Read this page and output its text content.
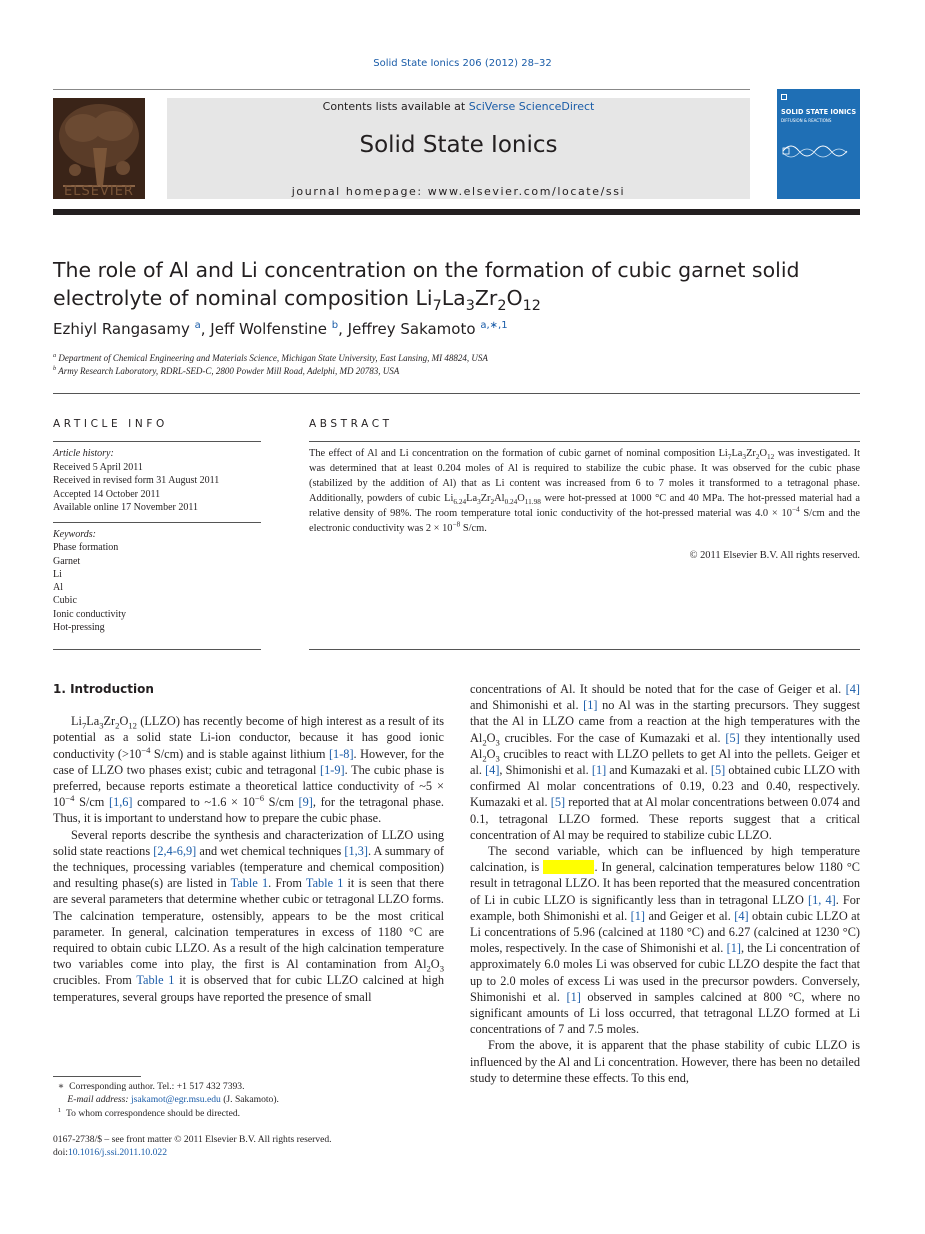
Solid State Ionics 206 (2012) 28–32
ELSEVIER
Contents lists available at SciVerse ScienceDirect
Solid State Ionics
journal homepage: www.elsevier.com/locate/ssi
SOLID STATE IONICS
DIFFUSION & REACTIONS
The role of Al and Li concentration on the formation of cubic garnet solid electrolyte of nominal composition $Li_7La_3Zr_2O_{12}$
Ezhiyl Rangasamy $^a$, Jeff Wolfenstine $^b$, Jeffrey Sakamoto $^{a,∗,1}$
$^a$ Department of Chemical Engineering and Materials Science, Michigan State University, East Lansing, MI 48824, USA
$^b$ Army Research Laboratory, RDRL-SED-C, 2800 Powder Mill Road, Adelphi, MD 20783, USA
ARTICLE INFO	ABSTRACT
Article history:
Received 5 April 2011
Received in revised form 31 August 2011
Accepted 14 October 2011
Available online 17 November 2011
Keywords:
Phase formation
Garnet
Li
Al
Cubic
Ionic conductivity
Hot-pressing
The effect of Al and Li concentration on the formation of cubic garnet of nominal composition $Li_7La_3Zr_2O_{12}$ was investigated. It was determined that at least 0.204 moles of Al is required to stabilize the cubic phase. It was observed for the cubic phase (stabilized by the addition of Al) that as Li content was increased from 6 to 7 moles it transformed to a tetragonal phase. Additionally, powders of cubic $Li_{6.24}La_3Zr_2Al_{0.24}O_{11.98}$ were hot-pressed at 1000 °C and 40 MPa. The hot-pressed material had a relative density of 98%. The room temperature total ionic conductivity of the hot-pressed material was $4.0 \times 10^{-4}$ S/cm and the electronic conductivity was $2 \times 10^{-8}$ S/cm.
© 2011 Elsevier B.V. All rights reserved.
1. Introduction

$Li_7La_3Zr_2O_{12}$ (LLZO) has recently become of high interest as a result of its potential as a solid state Li-ion conductor, because it has good ionic conductivity ($>10^{-4}$ S/cm) and is stable against lithium [1-8]. However, for the case of LLZO two phases exist; cubic and tetragonal [1-9]. The cubic phase is preferred, because reports estimate a theoretical lattice conductivity of ~5 × $10^{-4}$ S/cm [1,6] compared to ~1.6 × $10^{-6}$ S/cm [9], for the tetragonal phase. Thus, it is important to understand how to prepare the cubic phase.

Several reports describe the synthesis and characterization of LLZO using solid state reactions [2,4-6,9] and wet chemical techniques [1,3]. A summary of the techniques, processing variables (temperature and chemical composition) and resulting phase(s) are listed in Table 1. From Table 1 it is seen that there are several parameters that determine whether cubic or tetragonal LLZO forms. The calcination temperature, ostensibly, appears to be the most critical parameter. In general, calcination temperatures in excess of 1180 °C are required to obtain cubic LLZO. As a result of the high calcination temperature two variables come into play, the first is Al contamination from $Al_2O_3$ crucibles. From Table 1 it is observed that for cubic LLZO calcined at high temperatures, several groups have reported the presence of small

concentrations of Al. It should be noted that for the case of Geiger et al. [4] and Shimonishi et al. [1] no Al was in the starting precursors. They suggest that the Al in LLZO came from a reaction at the high temperatures with the $Al_2O_3$ crucibles. For the case of Kumazaki et al. [5] they intentionally used $Al_2O_3$ crucibles to react with LLZO pellets to get Al into the pellets. Geiger et al. [4], Shimonishi et al. [1] and Kumazaki et al. [5] obtained cubic LLZO with confirmed Al molar concentrations of 0.19, 0.23 and 0.40, respectively. Kumazaki et al. [5] reported that at Al molar concentrations between 0.074 and 0.1, tetragonal LLZO formed. These reports suggest that a critical concentration of Al may be required to stabilize cubic LLZO.

The second variable, which can be influenced by high temperature calcination, is Li content. In general, calcination temperatures below 1180 °C result in tetragonal LLZO. It has been reported that the measured concentration of Li in cubic LLZO is significantly less than in tetragonal LLZO [1, 4]. For example, both Shimonishi et al. [1] and Geiger et al. [4] obtain cubic LLZO at Li concentrations of 5.96 (calcined at 1180 °C) and 6.27 (calcined at 1230 °C) moles, respectively. In the case of Shimonishi et al. [1], the Li concentration of approximately 6.0 moles Li was observed for cubic LLZO despite the fact that up to 2.0 moles of excess Li was used in the precursor powders. Conversely, Shimonishi et al. [1] observed in samples calcined at 800 °C, where no significant amounts of Li loss occurred, that tetragonal LLZO formed at Li concentrations of 7 and 7.5 moles.

From the above, it is apparent that the phase stability of cubic LLZO is influenced by the Al and Li concentration. However, there has been no detailed study to determine these effects. To this end,

∗  Corresponding author. Tel.: +1 517 432 7393.
E-mail address: jsakamot@egr.msu.edu (J. Sakamoto).
$^1$ To whom correspondence should be directed.
0167-2738/$ – see front matter © 2011 Elsevier B.V. All rights reserved.
doi:10.1016/j.ssi.2011.10.022
